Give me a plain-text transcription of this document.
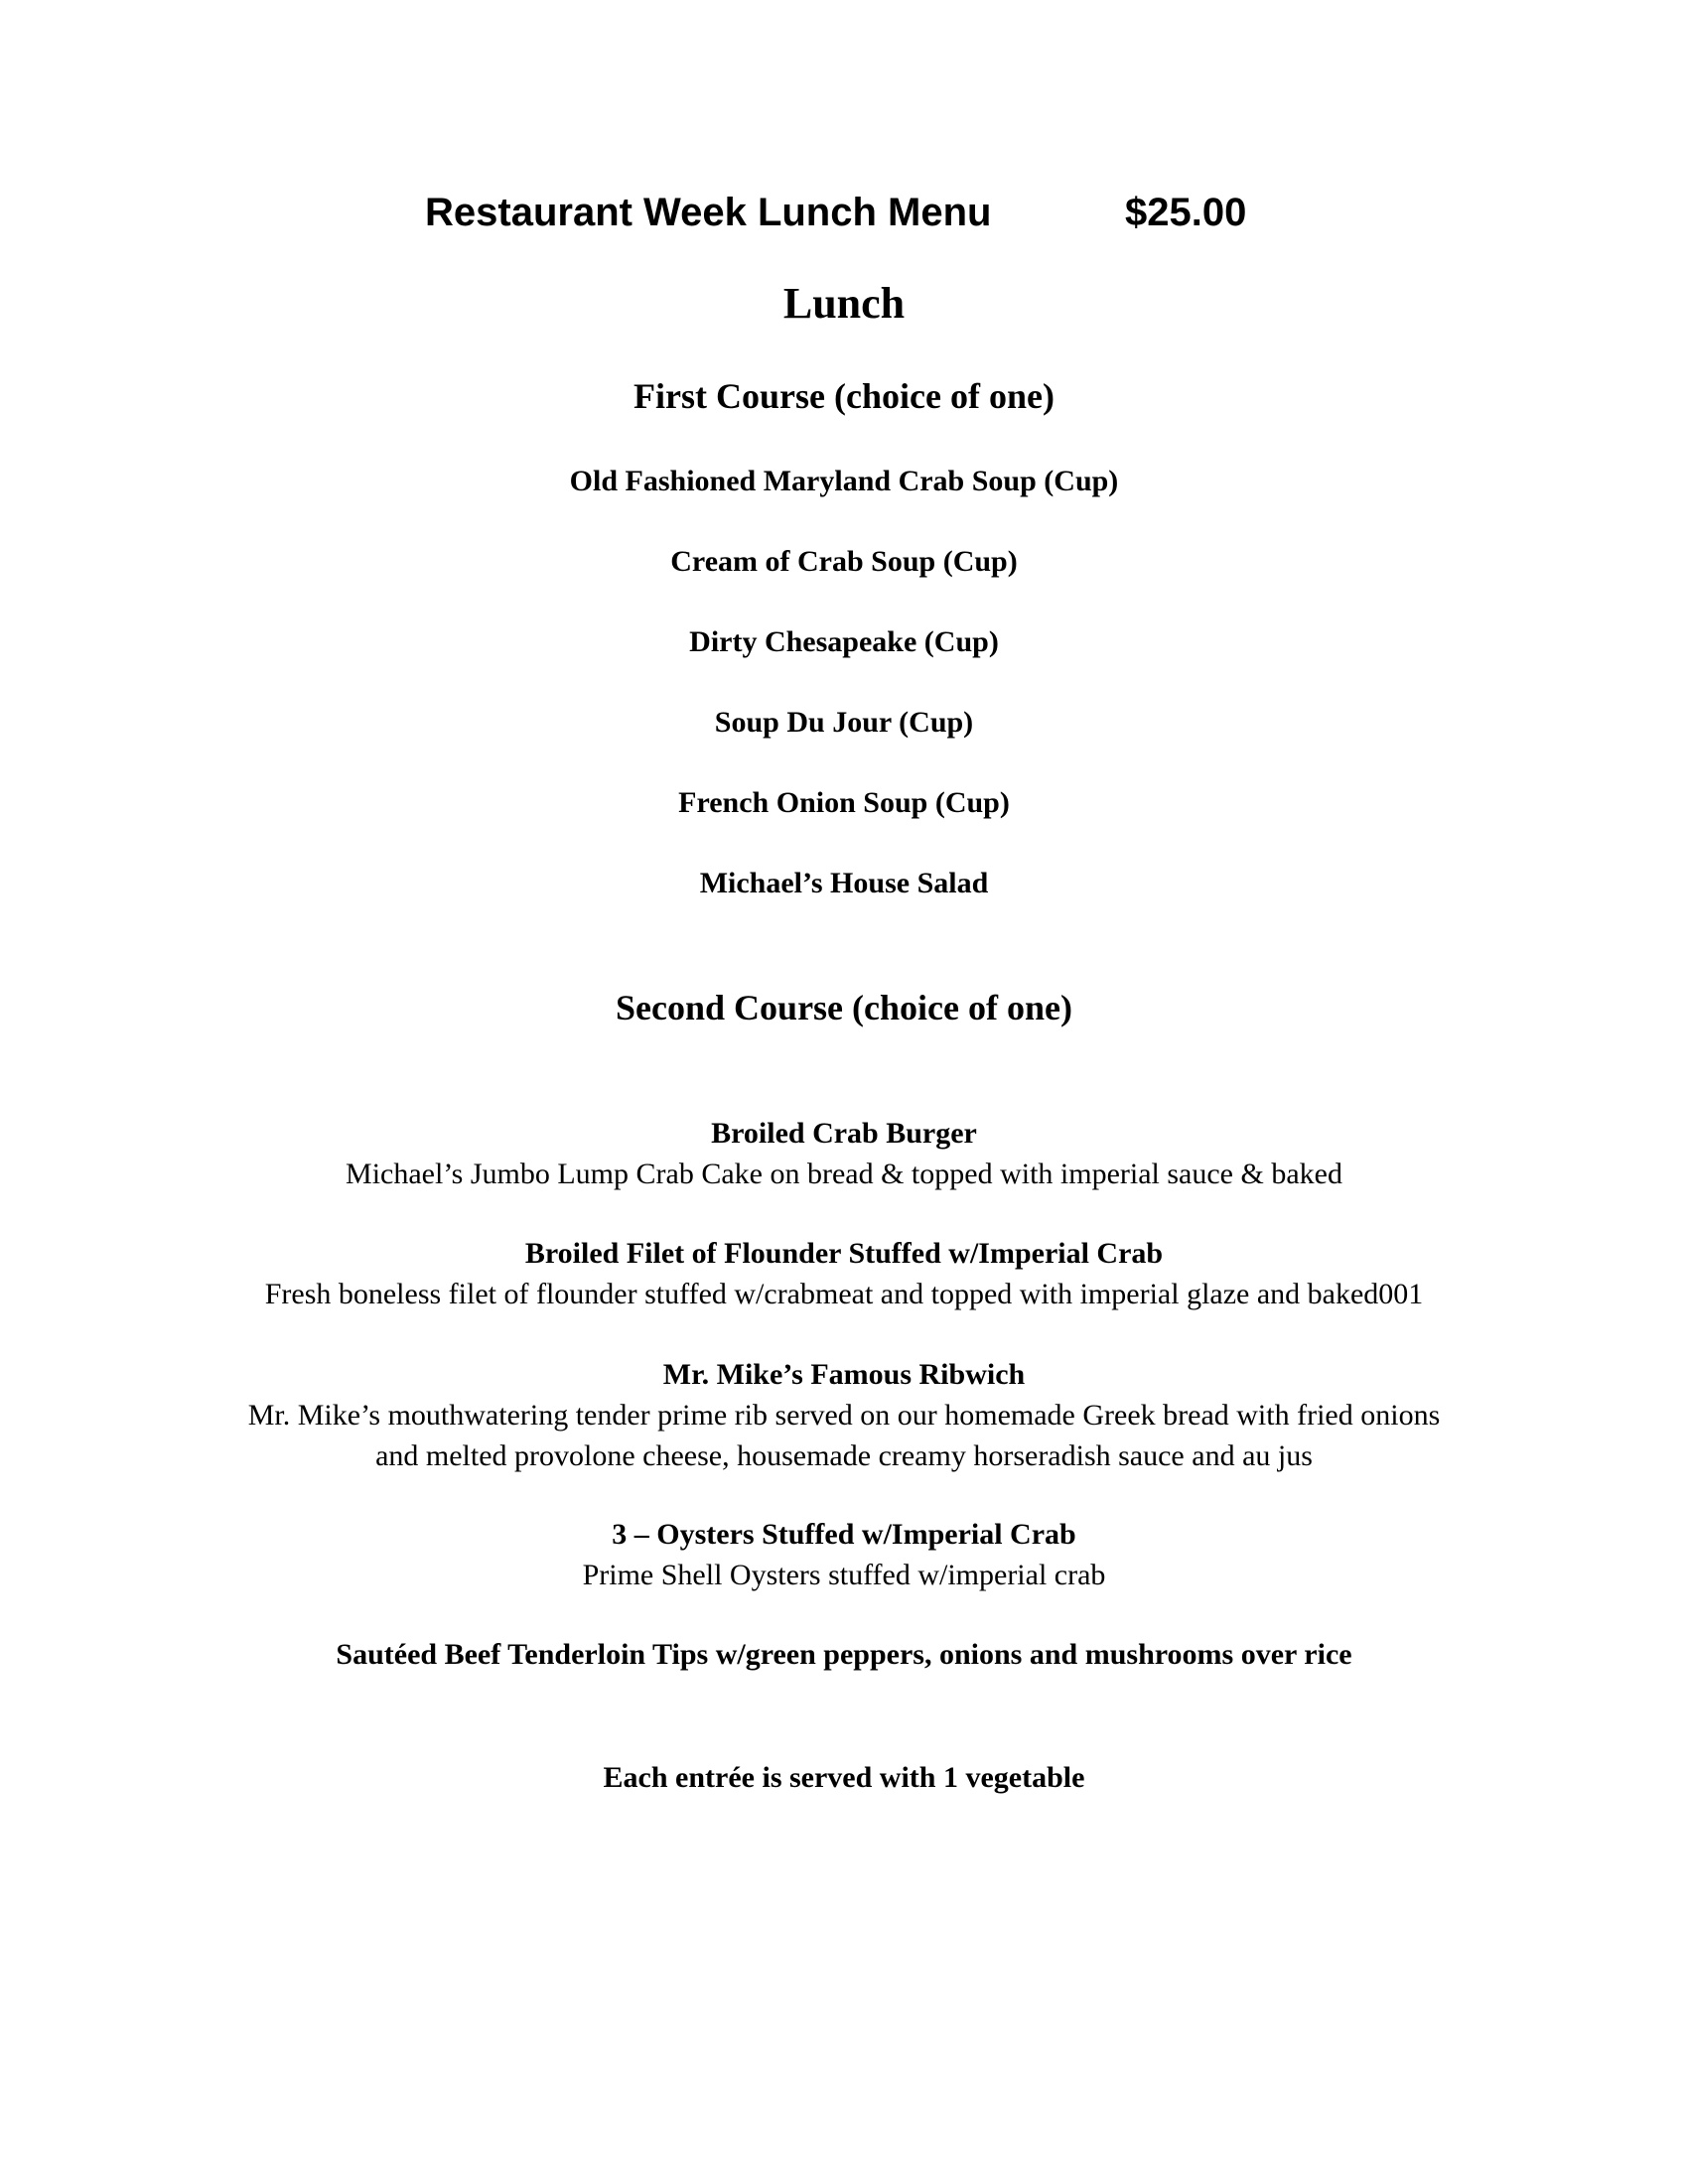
Restaurant Week Lunch Menu	$25.00
Lunch
First Course (choice of one)
Old Fashioned Maryland Crab Soup (Cup)
Cream of Crab Soup (Cup)
Dirty Chesapeake (Cup)
Soup Du Jour (Cup)
French Onion Soup (Cup)
Michael’s House Salad
Second Course (choice of one)
Broiled Crab Burger
Michael’s Jumbo Lump Crab Cake on bread & topped with imperial sauce & baked
Broiled Filet of Flounder Stuffed w/Imperial Crab
Fresh boneless filet of flounder stuffed w/crabmeat and topped with imperial glaze and baked001
Mr. Mike’s Famous Ribwich
Mr. Mike’s mouthwatering tender prime rib served on our homemade Greek bread with fried onions
and melted provolone cheese, housemade creamy horseradish sauce and au jus
3 – Oysters Stuffed w/Imperial Crab
Prime Shell Oysters stuffed w/imperial crab
Sautéed Beef Tenderloin Tips w/green peppers, onions and mushrooms over rice
Each entrée is served with 1 vegetable
